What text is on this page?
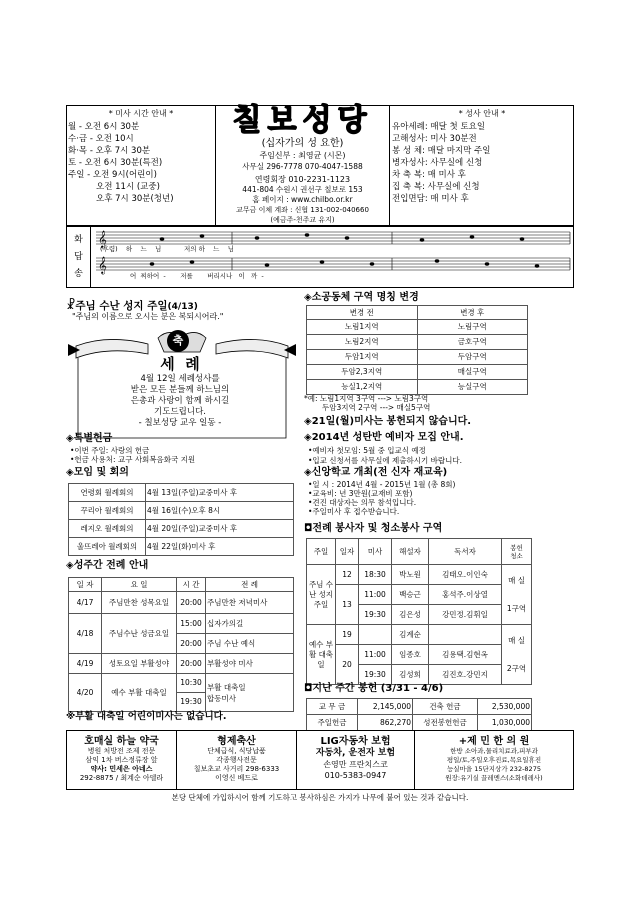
* 미사 시간 안내 *
월 - 오전 6시 30분
수·금 - 오전 10시
화·목 - 오후 7시 30분
토 - 오전 6시 30분(특전)
주일 - 오전 9시(어린이)
오전 11시 (교중)
오후 7시 30분(청년)
칠보성당
(십자가의 성 요한)
주임신부 : 최영균 (시몬)
사무실 296-7778 070-4047-1588
연령회장 010-2231-1123
441-804 수원시 권선구 칠보로 153
홈 페이지 : www.chilbo.or.kr
교무금 이체 계좌 : 신협 131-002-040660
(예금주-천주교 유지)
* 성사 안내 *
유아세례: 매달 첫 토요일
고해성사: 미사 30분전
봉 성 체: 매달 마지막 주일
병자성사: 사무실에 신청
차 축 복: 매 미사 후
집 축 복: 사무실에 신청
전입면담: 매 미사 후
화
답
송
𝄞
𝄞
(후렴)    하    느    님           저의 하    느    님
어  찌하어  -       저를       버리시나   이   까  -
☧주님 수난 성지 주일(4/13)
"주님의 이름으로 오시는 분은 복되시어라."
축
세  례
4월 12일 세례성사를
받은 모든 분들께 하느님의
은총과 사랑이 함께 하시길
기도드립니다.
- 칠보성당 교우 일동 -
◈특별헌금
•이번 주일: 사랑의 헌금
•헌금 사용처: 교구 사회복음화국 지원
◈모임 및 회의
연령회 월례회의	4월 13일(주일)교중미사 후
꾸리아 월례회의	4월 16일(수)오후 8시
레지오 월례회의	4월 20일(주일)교중미사 후
울뜨레아 월례회의	4월 22일(화)미사 후
◈성주간 전례 안내
일 자	요 일	시 간	전 례
4/17	주님만찬 성목요일	20:00	주님만찬 저녁미사
4/18	주님수난 성금요일	15:00	십자가의길
		20:00	주님 수난 예식
4/19	성토요일 부활성야	20:00	부활성야 미사
4/20	예수 부활 대축일	10:30	부활 대축일
합동미사
		19:30	
※부활 대축일 어린이미사는 없습니다.
◈소공동체 구역 명칭 변경
변경 전	변경 후
노림1지역	노림구역
노림2지역	금호구역
두암1지역	두암구역
두암2,3지역	매실구역
능실1,2지역	능실구역
*예: 노림1지역 3구역 ---> 노림3구역
두암3지역 2구역 ---> 매실5구역
◈21일(월)미사는 봉헌되지 않습니다.
◈2014년 성탄반 예비자 모집 안내.
•예비자 첫모임: 5월 중 입교식 예정
•입교 신청서를 사무실에 제출하시기 바랍니다.
◈신앙학교 개최(전 신자 재교육)
•일 시 : 2014년 4월 - 2015년 1월 (총 8회)
•교육비: 년 3만원(교재비 포함)
•견진 대상자는 의무 참석입니다.
•주일미사 후 접수받습니다.
◘전례 봉사자 및 청소봉사 구역
주일	일자	미사	해설자	독서자	봉헌
청소
주님 수난 성지 주일	12	18:30	박노원	김태오.이인숙	매 실

1구역
	13	11:00	백승근	홍석주.이상열	
		19:30	김은성	강민정.김휘일	
예수 부활 대축일	19		김계순		매 실

2구역
	20	11:00	임종호	김용택.김현옥	
		19:30	김성희	김진호.강민지	
◘지난 주간 봉헌 (3/31 - 4/6)
교 무 금	2,145,000	건축 헌금	2,530,000
주일헌금	862,270	성전봉헌헌금	1,030,000
호매실 하늘 약국
병원 처방전 조제 전문
삼익 1차 버스정류장 앞
약사: 민세은 아네스
292-8875 / 최계순 아델라
형제축산
단체급식, 식당납품
각종행사전문
칠보초교 사거리 298-6333
이영신 베드로
LIG자동차 보험
자동차, 운전자 보험
손영만 프란치스코
010-5383-0947
+제 민 한 의 원
한방 소아과,물리치료과,피부과
평일/토,주일오후진료,목요일휴진
능실마을 15단지상가 232-8275
원장:유기실 끌레멘스(소화데레사)
본당 단체에 가입하시어 함께 기도하고 봉사하심은 가지가 나무에 붙어 있는 것과 같습니다.
